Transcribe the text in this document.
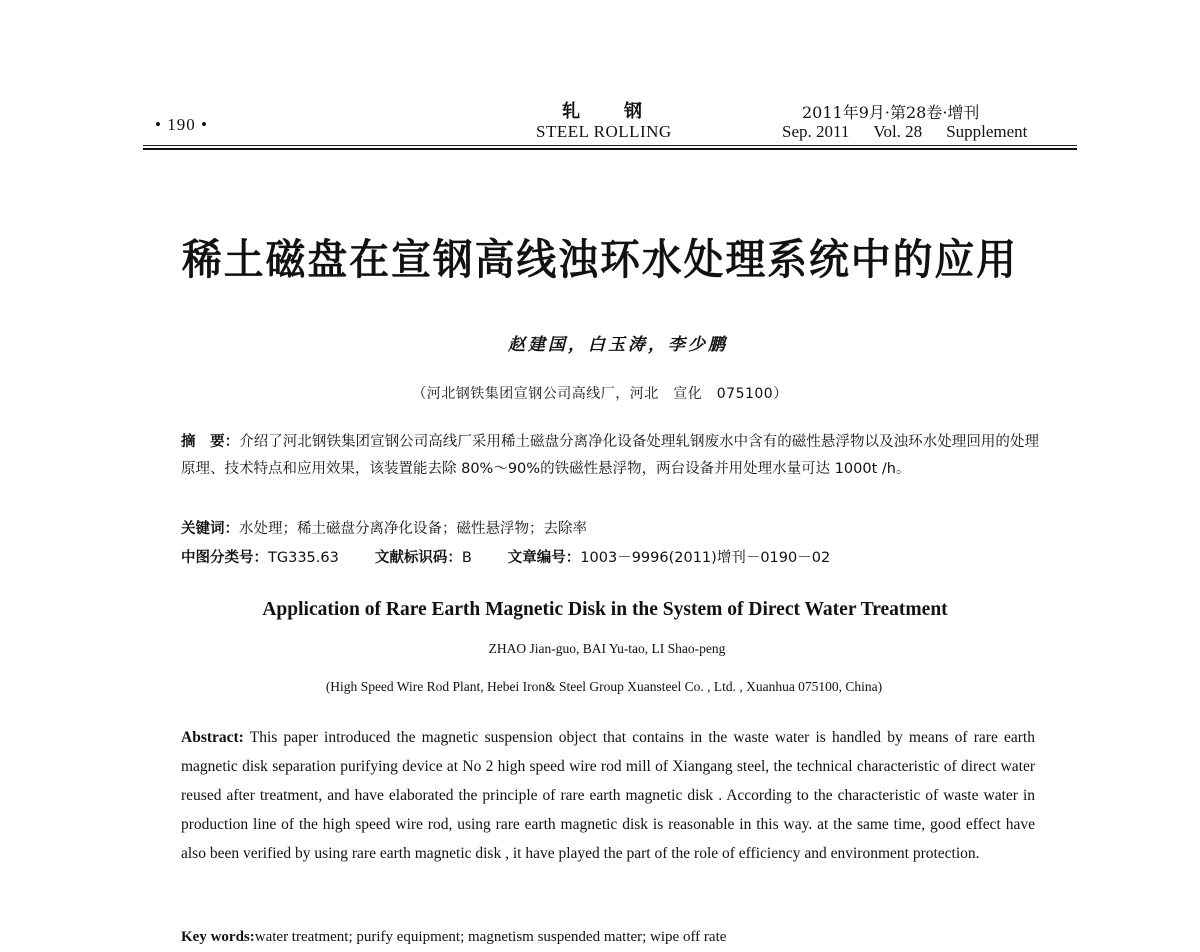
• 190 •
轧钢
STEEL ROLLING
2011年9月·第28卷·增刊
Sep. 2011 Vol. 28 Supplement
稀土磁盘在宣钢高线浊环水处理系统中的应用
赵建国，白玉涛，李少鹏
（河北钢铁集团宣钢公司高线厂，河北　宣化　075100）
摘　要：介绍了河北钢铁集团宣钢公司高线厂采用稀土磁盘分离净化设备处理轧钢废水中含有的磁性悬浮物以及浊环水处理回用的处理原理、技术特点和应用效果，该装置能去除 80%～90%的铁磁性悬浮物，两台设备并用处理水量可达 1000t /h。
关键词：水处理；稀土磁盘分离净化设备；磁性悬浮物；去除率
中图分类号：TG335.63 文献标识码：B 文章编号：1003－9996(2011)增刊－0190－02
Application of Rare Earth Magnetic Disk in the System of Direct Water Treatment
ZHAO Jian-guo, BAI Yu-tao, LI Shao-peng
(High Speed Wire Rod Plant, Hebei Iron& Steel Group Xuansteel Co. , Ltd. , Xuanhua 075100, China)
Abstract: This paper introduced the magnetic suspension object that contains in the waste water is handled by means of rare earth magnetic disk separation purifying device at No 2 high speed wire rod mill of Xiangang steel, the technical characteristic of direct water reused after treatment, and have elaborated the principle of rare earth magnetic disk . According to the characteristic of waste water in production line of the high speed wire rod, using rare earth magnetic disk is reasonable in this way. at the same time, good effect have also been verified by using rare earth magnetic disk , it have played the part of the role of efficiency and environment protection.
Key words:water treatment; purify equipment; magnetism suspended matter; wipe off rate
